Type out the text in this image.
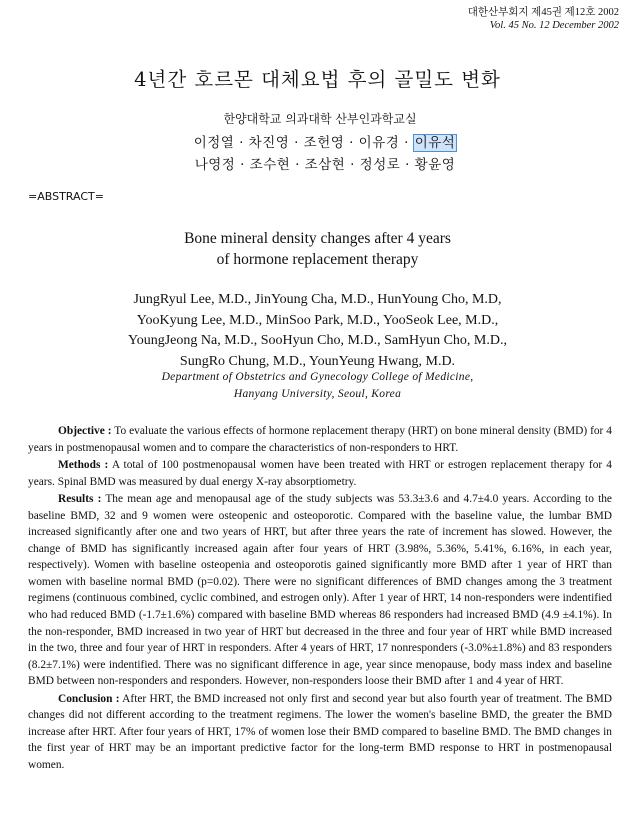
대한산부회지 제45권 제12호 2002
Vol. 45 No. 12 December 2002
4년간 호르몬 대체요법 후의 골밀도 변화
한양대학교 의과대학 산부인과학교실
이정열 · 차진영 · 조헌영 · 이유경 · 이유석
나영정 · 조수현 · 조삼현 · 정성로 · 황윤영
=ABSTRACT=
Bone mineral density changes after 4 years
of hormone replacement therapy
JungRyul Lee, M.D., JinYoung Cha, M.D., HunYoung Cho, M.D,
YooKyung Lee, M.D., MinSoo Park, M.D., YooSeok Lee, M.D.,
YoungJeong Na, M.D., SooHyun Cho, M.D., SamHyun Cho, M.D.,
SungRo Chung, M.D., YounYeung Hwang, M.D.
Department of Obstetrics and Gynecology College of Medicine,
Hanyang University, Seoul, Korea

Objective : To evaluate the various effects of hormone replacement therapy (HRT) on bone mineral density (BMD) for 4 years in postmenopausal women and to compare the characteristics of non-responders to HRT.

Methods : A total of 100 postmenopausal women have been treated with HRT or estrogen replacement therapy for 4 years. Spinal BMD was measured by dual energy X-ray absorptiometry.

Results : The mean age and menopausal age of the study subjects was 53.3±3.6 and 4.7±4.0 years. According to the baseline BMD, 32 and 9 women were osteopenic and osteoporotic. Compared with the baseline value, the lumbar BMD increased significantly after one and two years of HRT, but after three years the rate of increment has slowed. However, the change of BMD has significantly increased again after four years of HRT (3.98%, 5.36%, 5.41%, 6.16%, in each year, respectively). Women with baseline osteopenia and osteoporotis gained significantly more BMD after 1 year of HRT than women with baseline normal BMD (p=0.02). There were no significant differences of BMD changes among the 3 treatment regimens (continuous combined, cyclic combined, and estrogen only). After 1 year of HRT, 14 non-responders were indentified who had reduced BMD (-1.7±1.6%) compared with baseline BMD whereas 86 responders had increased BMD (4.9 ±4.1%). In the non-responder, BMD increased in two year of HRT but decreased in the three and four year of HRT while BMD increased in the two, three and four year of HRT in responders. After 4 years of HRT, 17 nonresponders (-3.0%±1.8%) and 83 responders (8.2±7.1%) were indentified. There was no significant difference in age, year since menopause, body mass index and baseline BMD between non-responders and responders. However, non-responders loose their BMD after 1 and 4 year of HRT.

Conclusion : After HRT, the BMD increased not only first and second year but also fourth year of treatment. The BMD changes did not different according to the treatment regimens. The lower the women's baseline BMD, the greater the BMD increase after HRT. After four years of HRT, 17% of women lose their BMD compared to baseline BMD. The BMD changes in the first year of HRT may be an important predictive factor for the long-term BMD response to HRT in postmenopausal women.
